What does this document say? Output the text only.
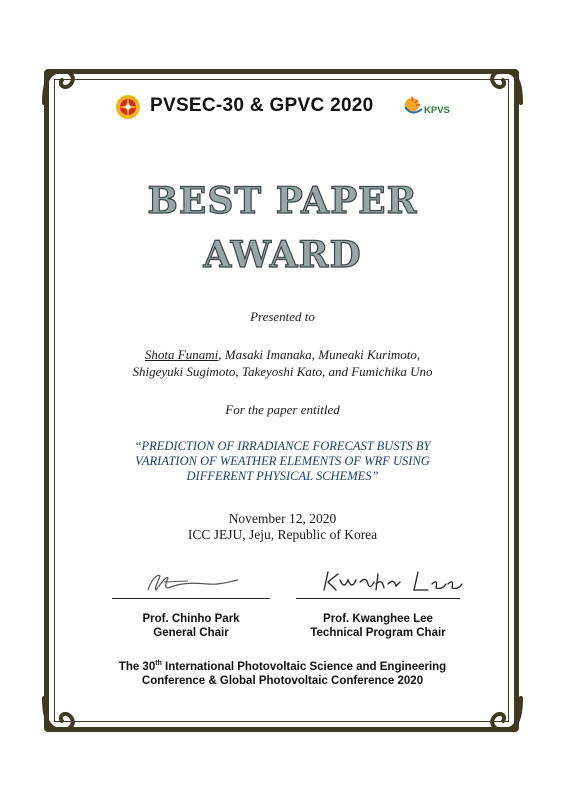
PVSEC-30 & GPVC 2020	KPVS
BEST PAPER
AWARD
Presented to
Shota Funami, Masaki Imanaka, Muneaki Kurimoto,
Shigeyuki Sugimoto, Takeyoshi Kato, and Fumichika Uno
For the paper entitled
“PREDICTION OF IRRADIANCE FORECAST BUSTS BY
VARIATION OF WEATHER ELEMENTS OF WRF USING
DIFFERENT PHYSICAL SCHEMES”
November 12, 2020
ICC JEJU, Jeju, Republic of Korea
Prof. Chinho Park
General Chair
Prof. Kwanghee Lee
Technical Program Chair
The 30th International Photovoltaic Science and Engineering
Conference & Global Photovoltaic Conference 2020
